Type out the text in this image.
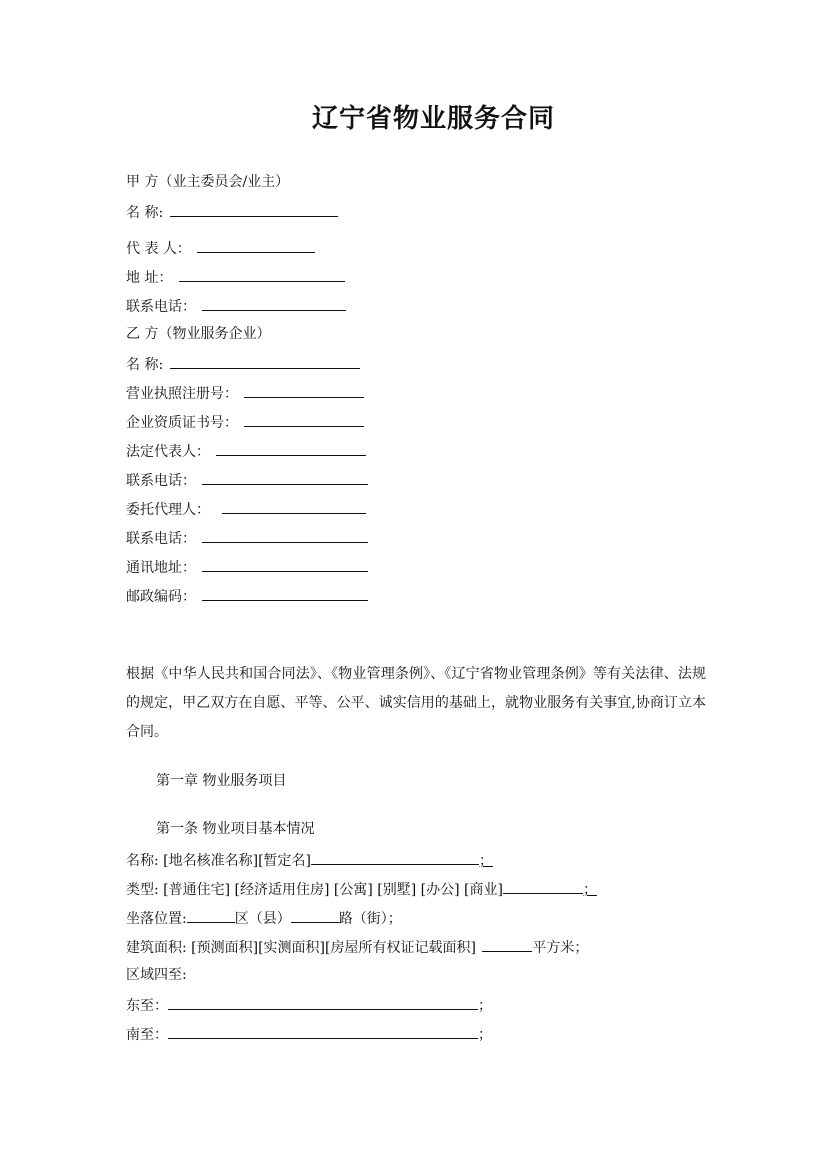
辽宁省物业服务合同
甲 方（业主委员会/业主）
名 称:
代 表 人：
地 址：
联系电话：
乙 方（物业服务企业）
名 称:
营业执照注册号：
企业资质证书号：
法定代表人：
联系电话：
委托代理人：
联系电话：
通讯地址：
邮政编码：
根据《中华人民共和国合同法》、《物业管理条例》、《辽宁省物业管理条例》等有关法律、法规的规定，甲乙双方在自愿、平等、公平、诚实信用的基础上，就物业服务有关事宜,协商订立本合同。
第一章 物业服务项目
第一条 物业项目基本情况
名称: [地名核准名称][暂定名]	；
类型: [普通住宅] [经济适用住房] [公寓] [别墅] [办公] [商业]	；
坐落位置:	区（县）	路（街）；
建筑面积: [预测面积][实测面积][房屋所有权证记载面积]	平方米；
区域四至:
东至：	；
南至：	；
